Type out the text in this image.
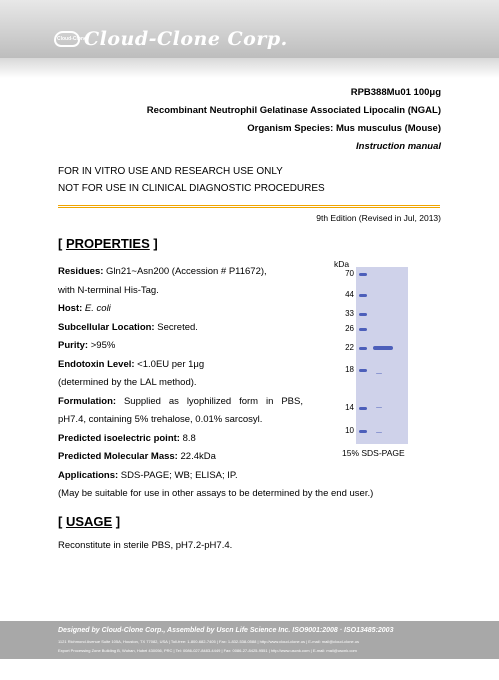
Cloud-Clone
Cloud-Clone Corp.
RPB388Mu01 100μg
Recombinant Neutrophil Gelatinase Associated Lipocalin (NGAL)
Organism Species: Mus musculus (Mouse)
Instruction manual
FOR IN VITRO USE AND RESEARCH USE ONLY
NOT FOR USE IN CLINICAL DIAGNOSTIC PROCEDURES
9th Edition (Revised in Jul, 2013)
[ PROPERTIES ]
Residues: Gln21~Asn200 (Accession # P11672),
with N-terminal His-Tag.
Host: E. coli
Subcellular Location: Secreted.
Purity: >95%
Endotoxin Level: <1.0EU per 1μg
(determined by the LAL method).
Formulation: Supplied as lyophilized form in PBS,
pH7.4, containing 5% trehalose, 0.01% sarcosyl.
Predicted isoelectric point: 8.8
Predicted Molecular Mass: 22.4kDa
Applications: SDS-PAGE; WB; ELISA; IP.
(May be suitable for use in other assays to be determined by the end user.)
kDa
70
44
33
26
22
18
14
10
15% SDS-PAGE
[ USAGE ]
Reconstitute in sterile PBS, pH7.2-pH7.4.
Designed by Cloud-Clone Corp., Assembled by Uscn Life Science Inc. ISO9001:2008 · ISO13485:2003
1121 Richmond Avenue Suite 105A, Houston, TX 77082, USA | Toll-free: 1-800-682-7405 | Fax: 1-832-538-0588 | http://www.cloud-clone.us | E-mail: mail@cloud-clone.us
Export Processing Zone Building B, Wuhan, Hubei 430056, PRC | Tel: 0086-027-8483-4449 | Fax: 0086-27-8425-9551 | http://www.uscnk.com | E-mail: mail@uscnk.com
